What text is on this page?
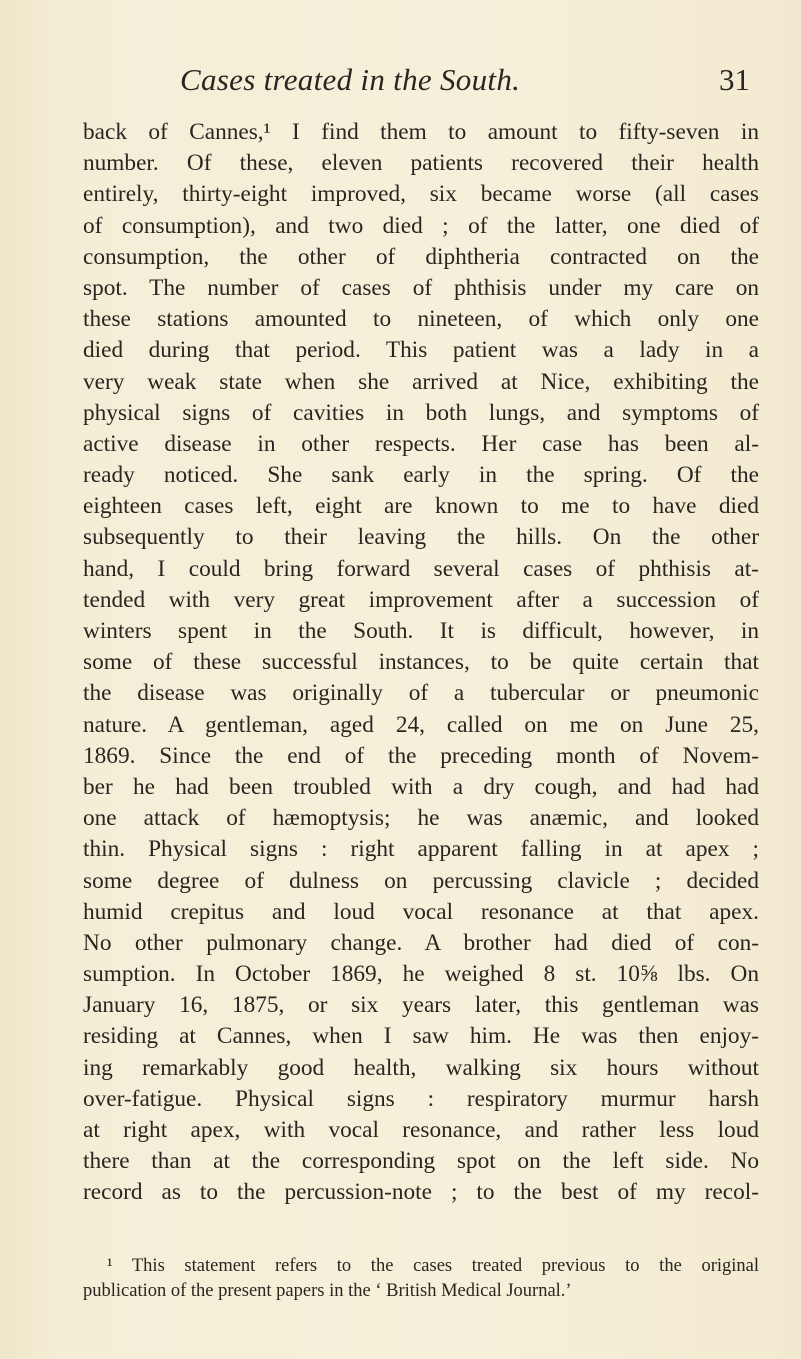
Cases treated in the South.	31
back of Cannes,¹ I find them to amount to fifty-seven in
number. Of these, eleven patients recovered their health
entirely, thirty-eight improved, six became worse (all cases
of consumption), and two died ; of the latter, one died of
consumption, the other of diphtheria contracted on the
spot. The number of cases of phthisis under my care on
these stations amounted to nineteen, of which only one
died during that period. This patient was a lady in a
very weak state when she arrived at Nice, exhibiting the
physical signs of cavities in both lungs, and symptoms of
active disease in other respects. Her case has been al-
ready noticed. She sank early in the spring. Of the
eighteen cases left, eight are known to me to have died
subsequently to their leaving the hills. On the other
hand, I could bring forward several cases of phthisis at-
tended with very great improvement after a succession of
winters spent in the South. It is difficult, however, in
some of these successful instances, to be quite certain that
the disease was originally of a tubercular or pneumonic
nature. A gentleman, aged 24, called on me on June 25,
1869. Since the end of the preceding month of Novem-
ber he had been troubled with a dry cough, and had had
one attack of hæmoptysis; he was anæmic, and looked
thin. Physical signs : right apparent falling in at apex ;
some degree of dulness on percussing clavicle ; decided
humid crepitus and loud vocal resonance at that apex.
No other pulmonary change. A brother had died of con-
sumption. In October 1869, he weighed 8 st. 10⅝ lbs. On
January 16, 1875, or six years later, this gentleman was
residing at Cannes, when I saw him. He was then enjoy-
ing remarkably good health, walking six hours without
over-fatigue. Physical signs : respiratory murmur harsh
at right apex, with vocal resonance, and rather less loud
there than at the corresponding spot on the left side. No
record as to the percussion-note ; to the best of my recol-
¹ This statement refers to the cases treated previous to the original
publication of the present papers in the ‘ British Medical Journal.’
